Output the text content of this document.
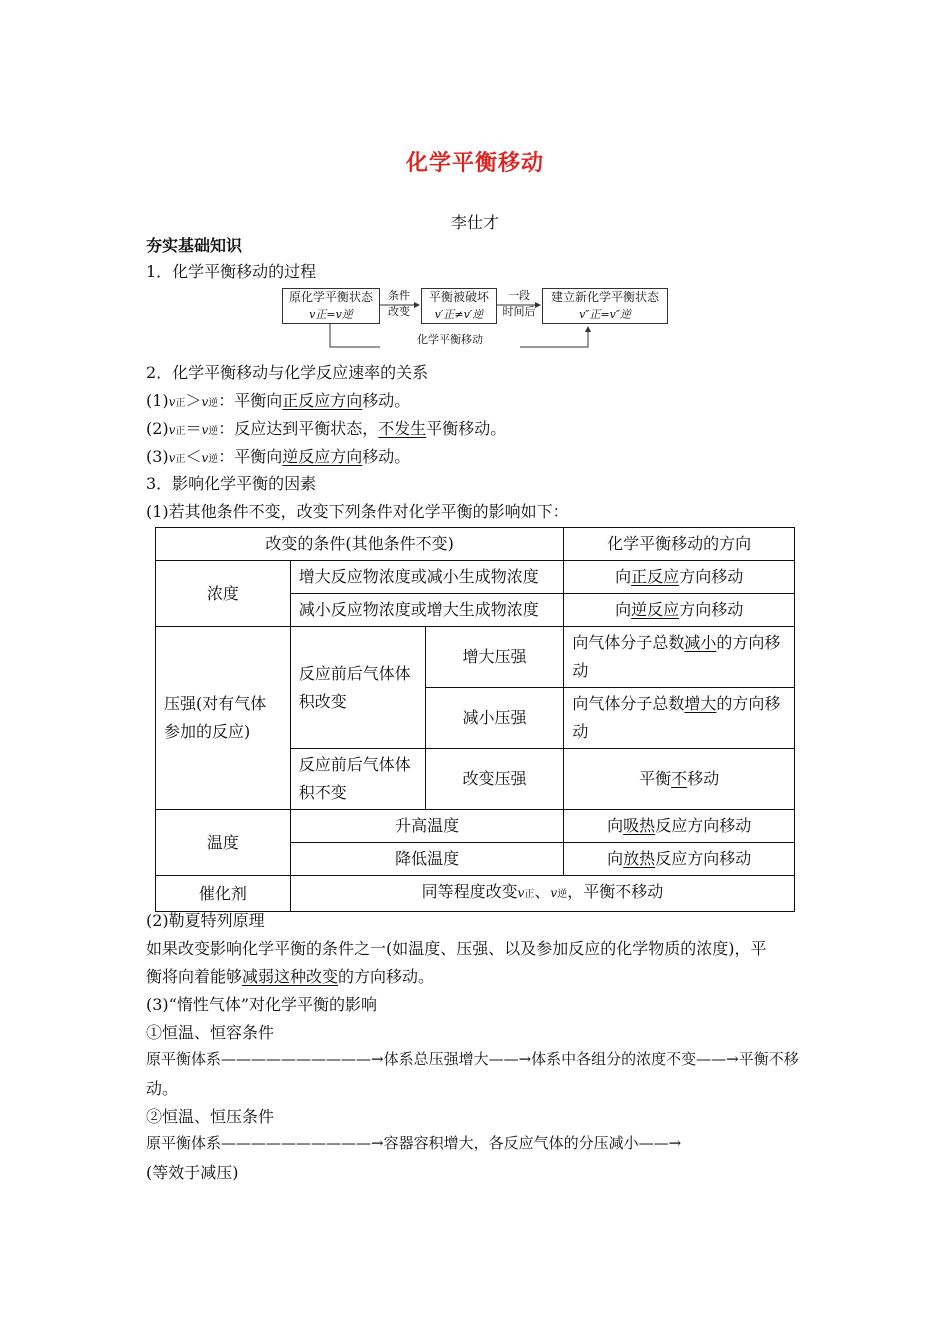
化学平衡移动
李仕才
夯实基础知识
1．化学平衡移动的过程
原化学平衡状态
v正=v逆
条件
改变
平衡被破坏
v′正≠v′逆
一段
时间后
建立新化学平衡状态
v″正=v″逆
化学平衡移动
2．化学平衡移动与化学反应速率的关系
(1)v正＞v逆：平衡向正反应方向移动。
(2)v正＝v逆：反应达到平衡状态，不发生平衡移动。
(3)v正＜v逆：平衡向逆反应方向移动。
3．影响化学平衡的因素
(1)若其他条件不变，改变下列条件对化学平衡的影响如下：
改变的条件(其他条件不变)			化学平衡移动的方向
浓度	增大反应物浓度或减小生成物浓度		向正反应方向移动
	减小反应物浓度或增大生成物浓度		向逆反应方向移动
压强(对有气体参加的反应)	反应前后气体体积改变	增大压强	向气体分子总数减小的方向移动
		减小压强	向气体分子总数增大的方向移动
	反应前后气体体积不变	改变压强	平衡不移动
温度	升高温度		向吸热反应方向移动
	降低温度		向放热反应方向移动
催化剂	同等程度改变v正、v逆，平衡不移动		
(2)勒夏特列原理
如果改变影响化学平衡的条件之一(如温度、压强、以及参加反应的化学物质的浓度)，平
衡将向着能够减弱这种改变的方向移动。
(3)“惰性气体”对化学平衡的影响
①恒温、恒容条件
原平衡体系——————————→体系总压强增大——→体系中各组分的浓度不变——→平衡不移
动。
②恒温、恒压条件
原平衡体系——————————→容器容积增大，各反应气体的分压减小——→
(等效于减压)
